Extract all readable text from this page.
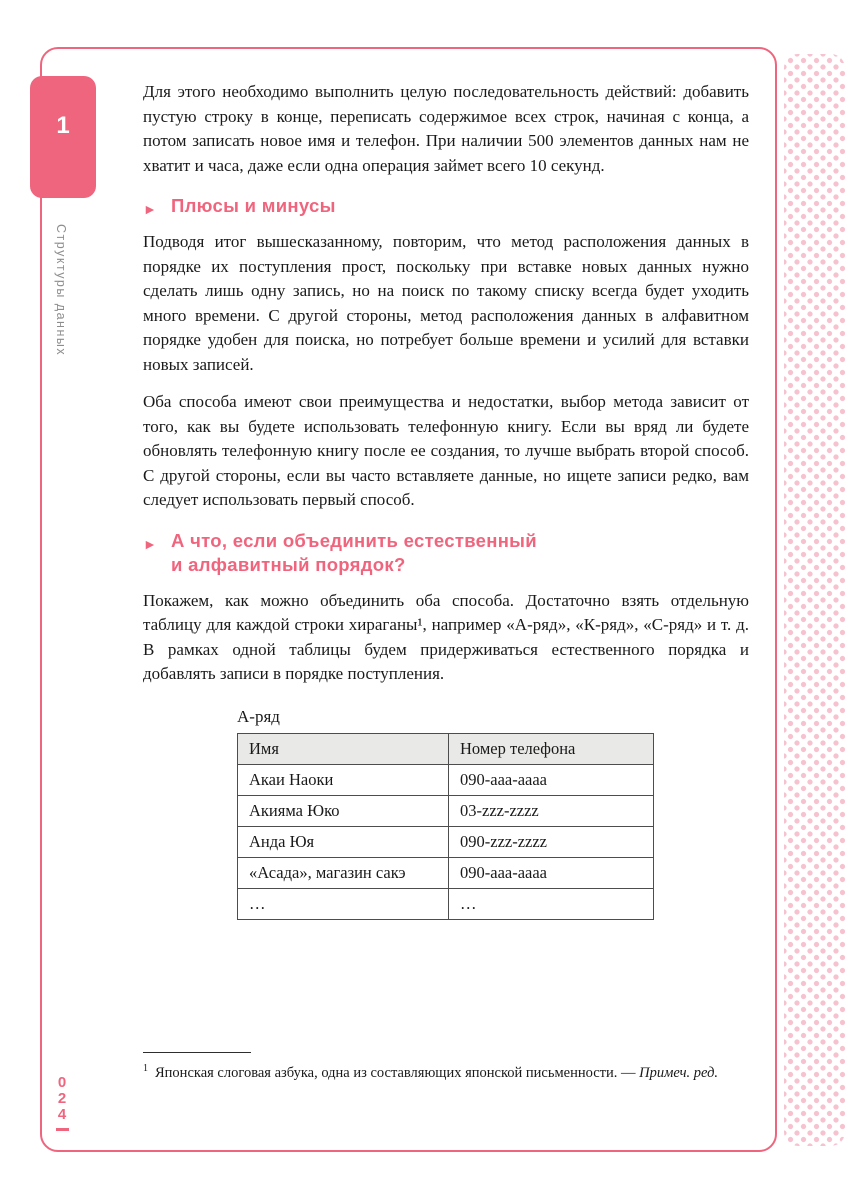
1
Структуры данных
0
2
4

Для этого необходимо выполнить целую последовательность действий: добавить пустую строку в конце, переписать содержимое всех строк, начиная с конца, а потом записать новое имя и телефон. При наличии 500 элементов данных нам не хватит и часа, даже если одна операция займет всего 10 секунд.

► Плюсы и минусы

Подводя итог вышесказанному, повторим, что метод расположения данных в порядке их поступления прост, поскольку при вставке новых данных нужно сделать лишь одну запись, но на поиск по такому списку всегда будет уходить много времени. С другой стороны, метод расположения данных в алфавитном порядке удобен для поиска, но потребует больше времени и усилий для вставки новых записей.

Оба способа имеют свои преимущества и недостатки, выбор метода зависит от того, как вы будете использовать телефонную книгу. Если вы вряд ли будете обновлять телефонную книгу после ее создания, то лучше выбрать второй способ. С другой стороны, если вы часто вставляете данные, но ищете записи редко, вам следует использовать первый способ.

► А что, если объединить естественный
и алфавитный порядок?

Покажем, как можно объединить оба способа. Достаточно взять отдельную таблицу для каждой строки хираганы¹, например «А-ряд», «К-ряд», «С-ряд» и т. д. В рамках одной таблицы будем придерживаться естественного порядка и добавлять записи в порядке поступления.

А-ряд
Имя	Номер телефона
Акаи Наоки	090-aaa-aaaa
Акияма Юко	03-zzz-zzzz
Анда Юя	090-zzz-zzzz
«Асада», магазин сакэ	090-aaa-aaaa
…	…

$^1$ Японская слоговая азбука, одна из составляющих японской письменности. — Примеч. ред.
